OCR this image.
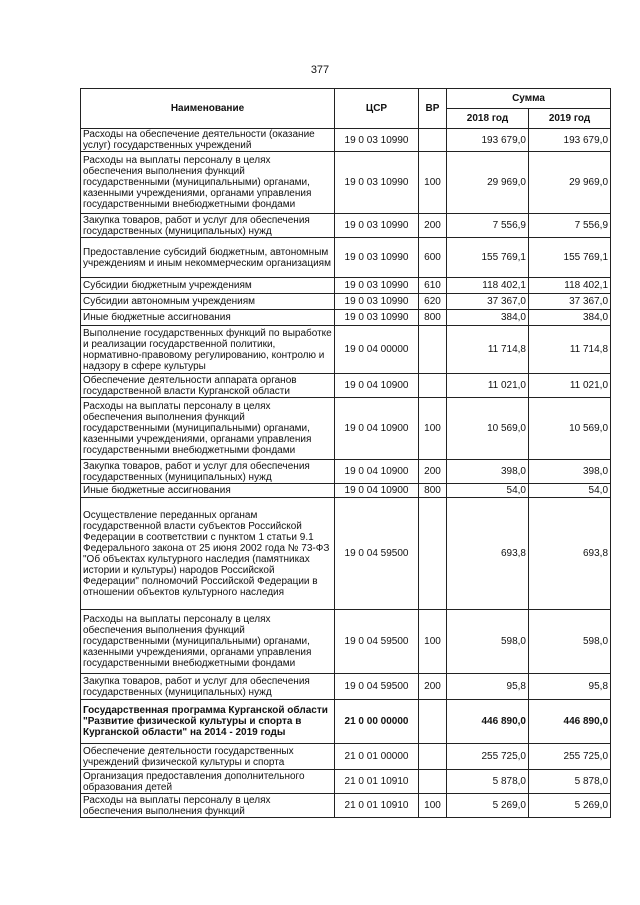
377
Наименование	ЦСР	ВР	Сумма	
			2018 год	2019 год
Расходы на обеспечение деятельности (оказание услуг) государственных учреждений	19 0 03 10990		193 679,0	193 679,0
Расходы на выплаты персоналу в целях обеспечения выполнения функций государственными (муниципальными) органами, казенными учреждениями, органами управления государственными внебюджетными фондами	19 0 03 10990	100	29 969,0	29 969,0
Закупка товаров, работ и услуг для обеспечения государственных (муниципальных) нужд	19 0 03 10990	200	7 556,9	7 556,9
Предоставление субсидий бюджетным, автономным учреждениям и иным некоммерческим организациям	19 0 03 10990	600	155 769,1	155 769,1
Субсидии бюджетным учреждениям	19 0 03 10990	610	118 402,1	118 402,1
Субсидии автономным учреждениям	19 0 03 10990	620	37 367,0	37 367,0
Иные бюджетные ассигнования	19 0 03 10990	800	384,0	384,0
Выполнение государственных функций по выработке и реализации государственной политики, нормативно-правовому регулированию, контролю и надзору в сфере культуры	19 0 04 00000		11 714,8	11 714,8
Обеспечение деятельности аппарата органов государственной власти Курганской области	19 0 04 10900		11 021,0	11 021,0
Расходы на выплаты персоналу в целях обеспечения выполнения функций государственными (муниципальными) органами, казенными учреждениями, органами управления государственными внебюджетными фондами	19 0 04 10900	100	10 569,0	10 569,0
Закупка товаров, работ и услуг для обеспечения государственных (муниципальных) нужд	19 0 04 10900	200	398,0	398,0
Иные бюджетные ассигнования	19 0 04 10900	800	54,0	54,0
Осуществление переданных органам государственной власти субъектов Российской Федерации в соответствии с пунктом 1 статьи 9.1 Федерального закона от 25 июня 2002 года № 73-ФЗ "Об объектах культурного наследия (памятниках истории и культуры) народов Российской Федерации" полномочий Российской Федерации в отношении объектов культурного наследия	19 0 04 59500		693,8	693,8
Расходы на выплаты персоналу в целях обеспечения выполнения функций государственными (муниципальными) органами, казенными учреждениями, органами управления государственными внебюджетными фондами	19 0 04 59500	100	598,0	598,0
Закупка товаров, работ и услуг для обеспечения государственных (муниципальных) нужд	19 0 04 59500	200	95,8	95,8
Государственная программа Курганской области "Развитие физической культуры и спорта в Курганской области" на 2014 - 2019 годы	21 0 00 00000		446 890,0	446 890,0
Обеспечение деятельности государственных учреждений физической культуры и спорта	21 0 01 00000		255 725,0	255 725,0
Организация предоставления дополнительного образования детей	21 0 01 10910		5 878,0	5 878,0
Расходы на выплаты персоналу в целях обеспечения выполнения функций	21 0 01 10910	100	5 269,0	5 269,0
